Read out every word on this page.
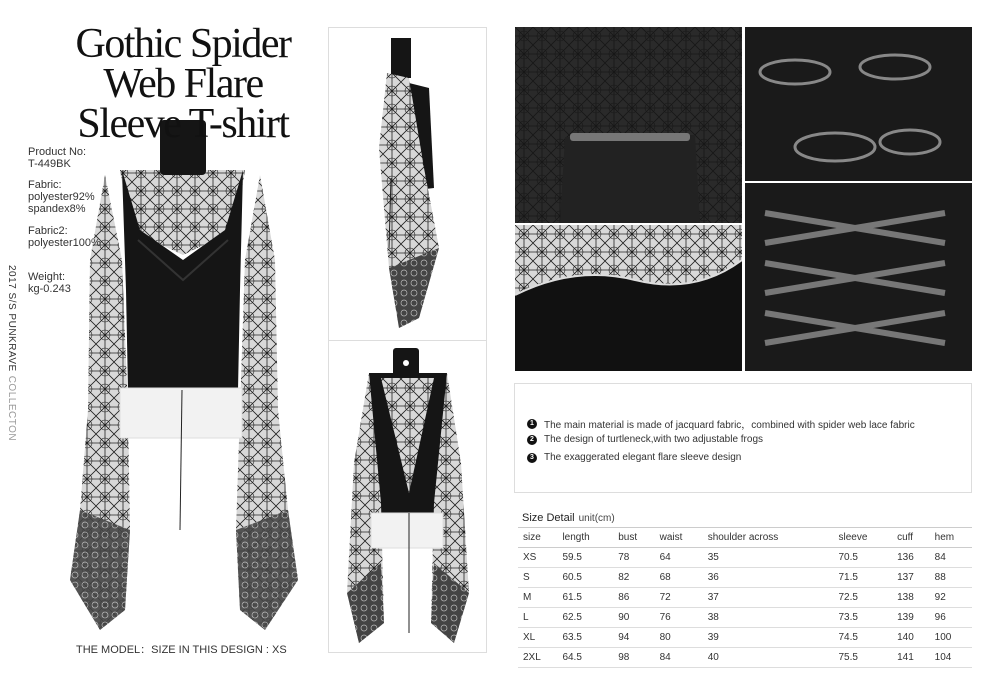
Gothic Spider
Web Flare
Sleeve T-shirt
Product No:
T-449BK
Fabric:
polyester92%
spandex8%
Fabric2:
polyester100%
Weight:
kg-0.243
2017 S/S PUNKRAVECOLLECTON
THE MODEL：SIZE IN THIS DESIGN : XS
1	The main material is made of jacquard fabric，combined with spider web lace fabric
2	The design of turtleneck,with two adjustable frogs
3	The exaggerated elegant flare sleeve design
Size Detail unit(cm)
size	length	bust	waist	shoulder across	sleeve	cuff	hem
XS	59.5	78	64	35	70.5	136	84
S	60.5	82	68	36	71.5	137	88
M	61.5	86	72	37	72.5	138	92
L	62.5	90	76	38	73.5	139	96
XL	63.5	94	80	39	74.5	140	100
2XL	64.5	98	84	40	75.5	141	104
